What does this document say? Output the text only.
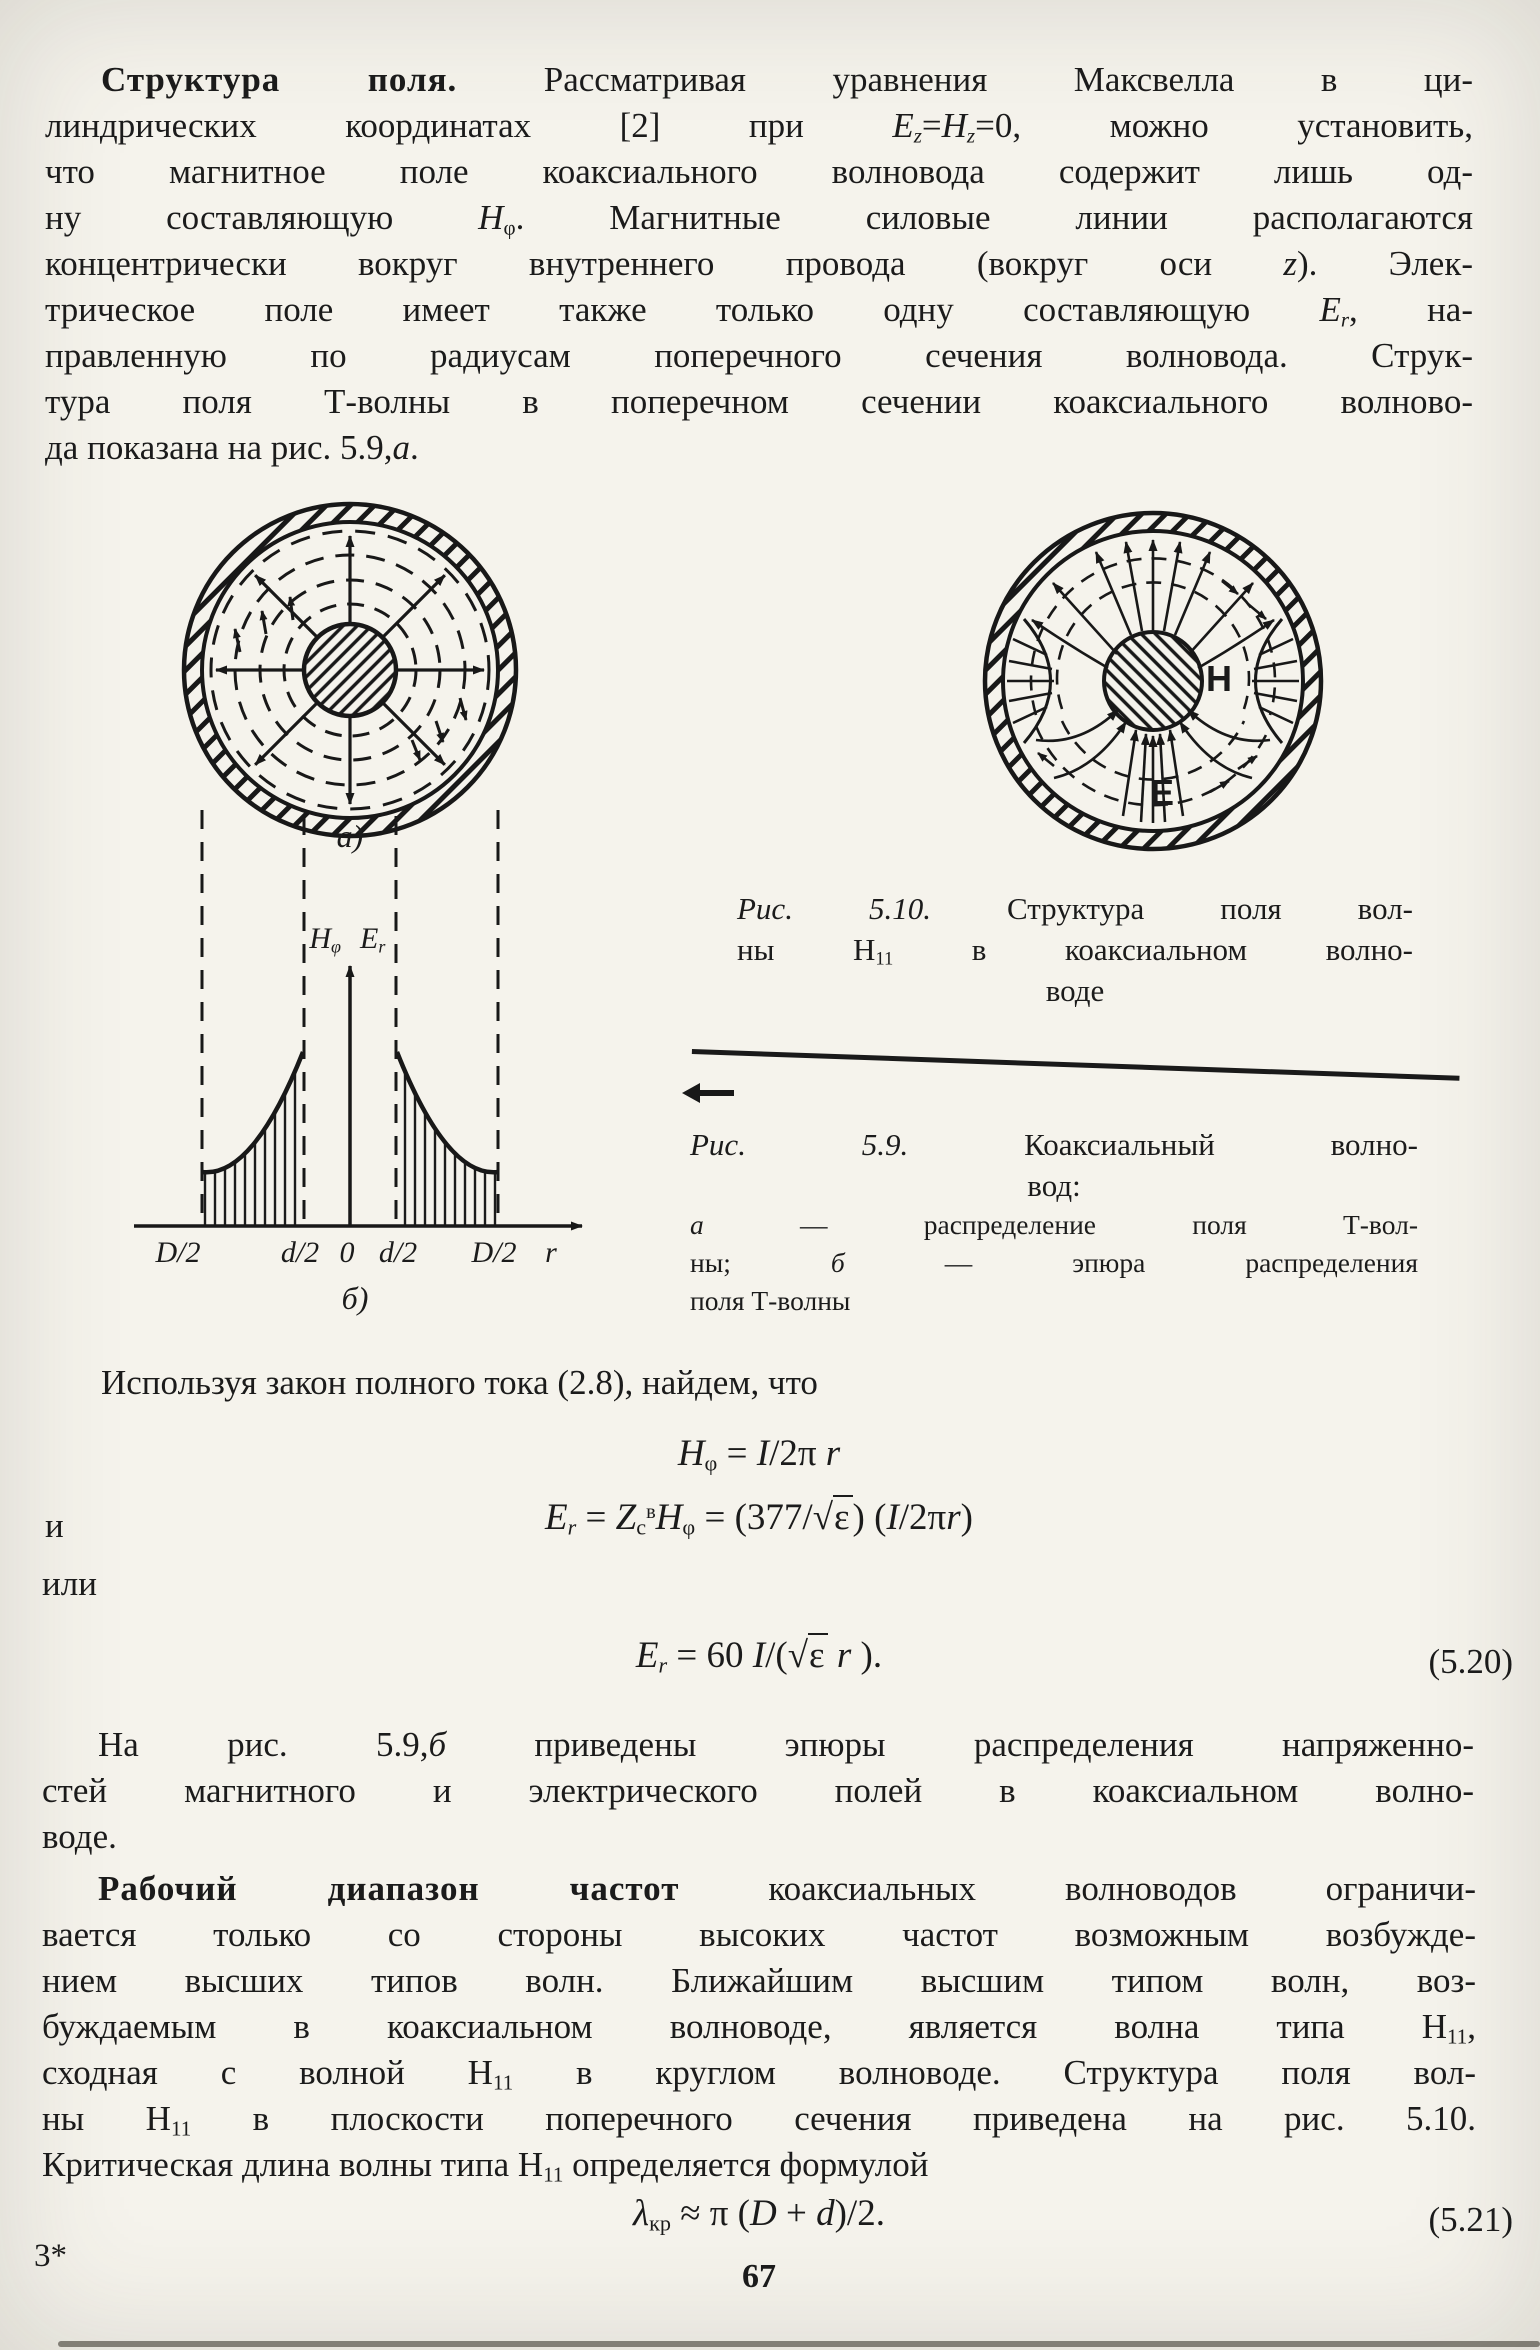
Структура поля. Рассматривая уравнения Максвелла в ци-
линдрических координатах [2] при $E_z=H_z=0$, можно установить,
что магнитное поле коаксиального волновода содержит лишь од-
ну составляющую $H_\varphi$. Магнитные силовые линии располагаются
концентрически вокруг внутреннего провода (вокруг оси z). Элек-
трическое поле имеет также только одну составляющую $E_r$, на-
правленную по радиусам поперечного сечения волновода. Струк-
тура поля Т-волны в поперечном сечении коаксиального волново-
да показана на рис. 5.9,а.
а)
$H_\varphi$ $E_r$
D/2	d/2 0 d/2	D/2 r
б)
H
E
Рис. 5.10. Структура поля вол-
ны $Н_{11}$ в коаксиальном волно-
воде
Рис. 5.9. Коаксиальный волно-
вод:
а — распределение поля Т-вол-
ны; б — эпюра распределения
поля Т-волны
Используя закон полного тока (2.8), найдем, что
$H_\varphi = I/2\pi$ r
и	$E_r = Z_c^вH_\varphi = (377/√\varepsilon)$ (I/2πr)
или
$E_r = 60$ I/(√ε r ).	(5.20)
На рис. 5.9,б приведены эпюры распределения напряженно-
стей магнитного и электрического полей в коаксиальном волно-
воде.
Рабочий диапазон частот коаксиальных волноводов ограничи-
вается только со стороны высоких частот возможным возбужде-
нием высших типов волн. Ближайшим высшим типом волн, воз-
буждаемым в коаксиальном волноводе, является волна типа $Н_{11}$,
сходная с волной $Н_{11}$ в круглом волноводе. Структура поля вол-
ны $Н_{11}$ в плоскости поперечного сечения приведена на рис. 5.10.
Критическая длина волны типа $Н_{11}$ определяется формулой
$\lambda_{кр} \approx \pi$ (D + d)/2.	(5.21)
3*
67
